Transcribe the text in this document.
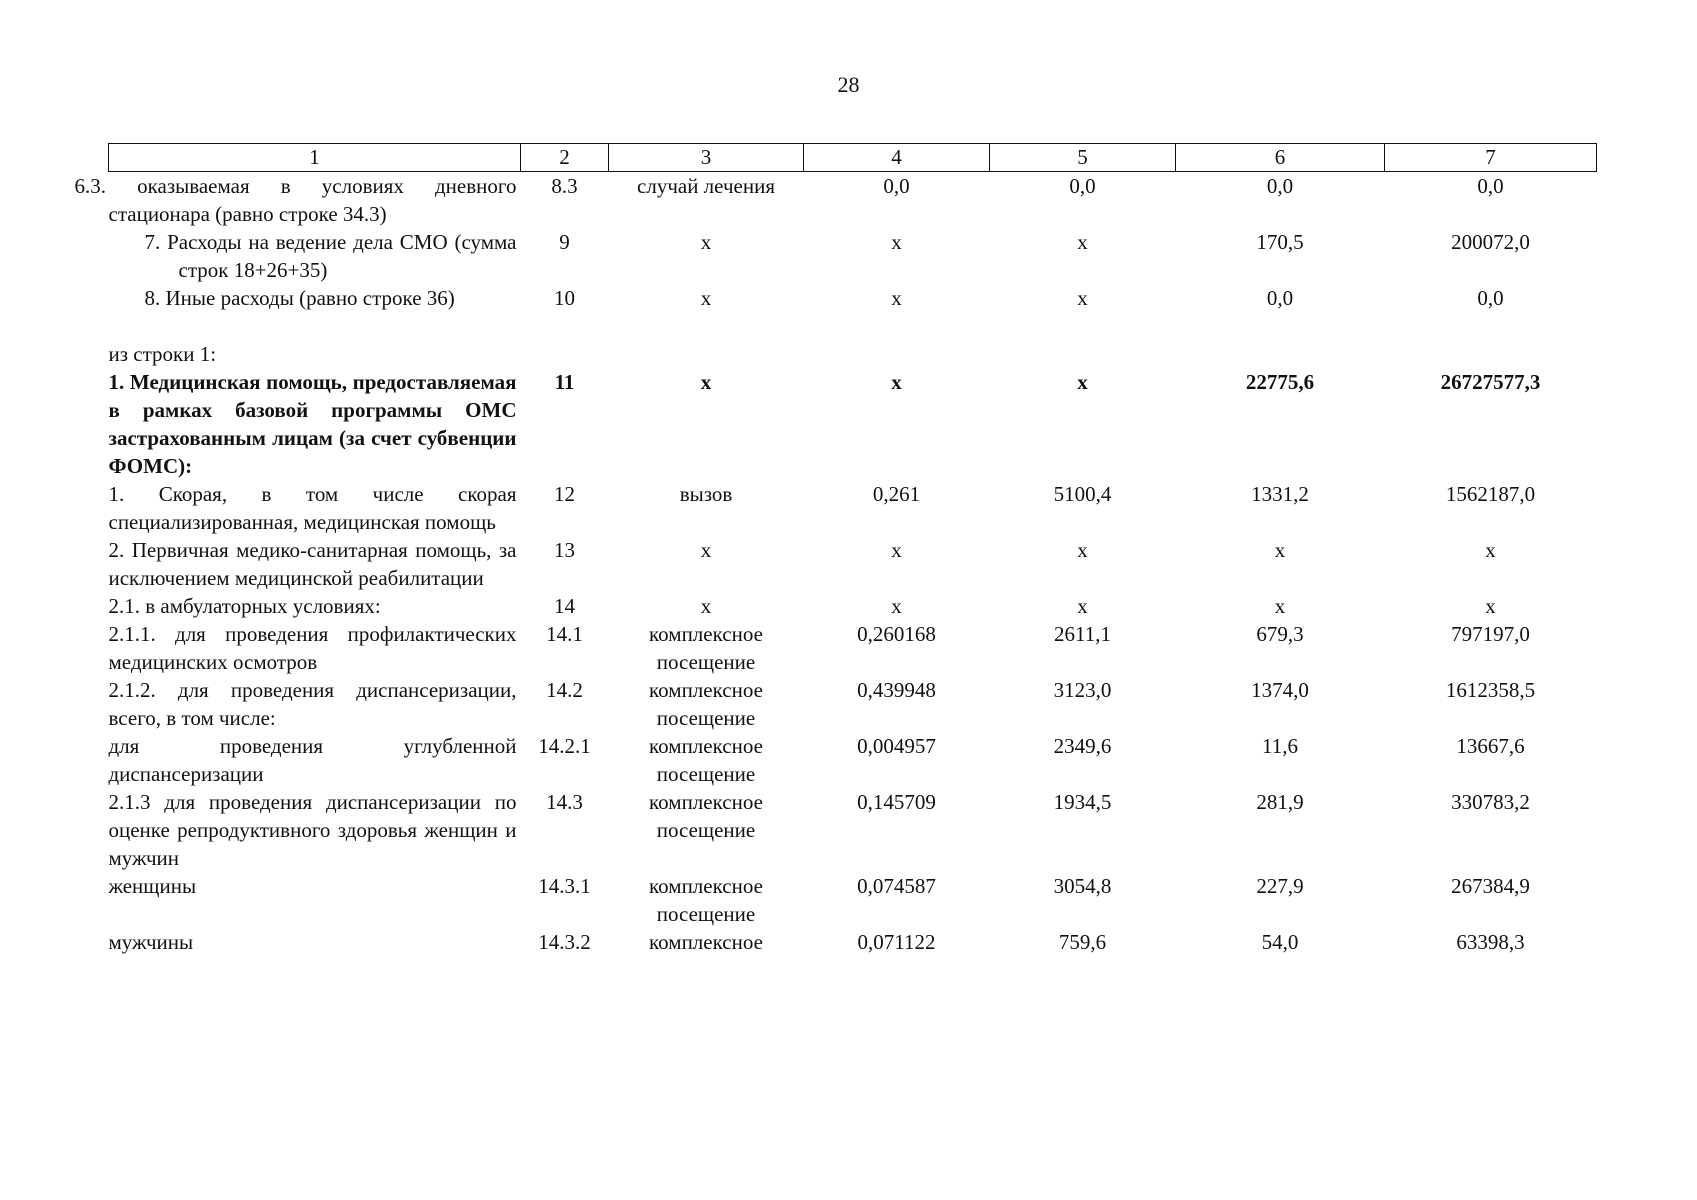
28
1	2	3	4	5	6	7
6.3. оказываемая в условиях дневного стационара (равно строке 34.3)	8.3	случай лечения	0,0	0,0	0,0	0,0
7. Расходы на ведение дела СМО (сумма строк 18+26+35)	9	х	х	х	170,5	200072,0
8. Иные расходы (равно строке 36)	10	х	х	х	0,0	0,0

из строки 1:						
1. Медицинская помощь, предоставляемая в рамках базовой программы ОМС застрахованным лицам (за счет субвенции ФОМС):	11	х	х	х	22775,6	26727577,3
1. Скорая, в том числе скорая специализированная, медицинская помощь	12	вызов	0,261	5100,4	1331,2	1562187,0
2. Первичная медико-санитарная помощь, за исключением медицинской реабилитации	13	х	х	х	х	х
2.1. в амбулаторных условиях:	14	х	х	х	х	х
2.1.1. для проведения профилактических медицинских осмотров	14.1	комплексное посещение	0,260168	2611,1	679,3	797197,0
2.1.2. для проведения диспансеризации, всего, в том числе:	14.2	комплексное посещение	0,439948	3123,0	1374,0	1612358,5
для проведения углубленной диспансеризации	14.2.1	комплексное посещение	0,004957	2349,6	11,6	13667,6
2.1.3 для проведения диспансеризации по оценке репродуктивного здоровья женщин и мужчин	14.3	комплексное посещение	0,145709	1934,5	281,9	330783,2
женщины	14.3.1	комплексное посещение	0,074587	3054,8	227,9	267384,9
мужчины	14.3.2	комплексное	0,071122	759,6	54,0	63398,3
